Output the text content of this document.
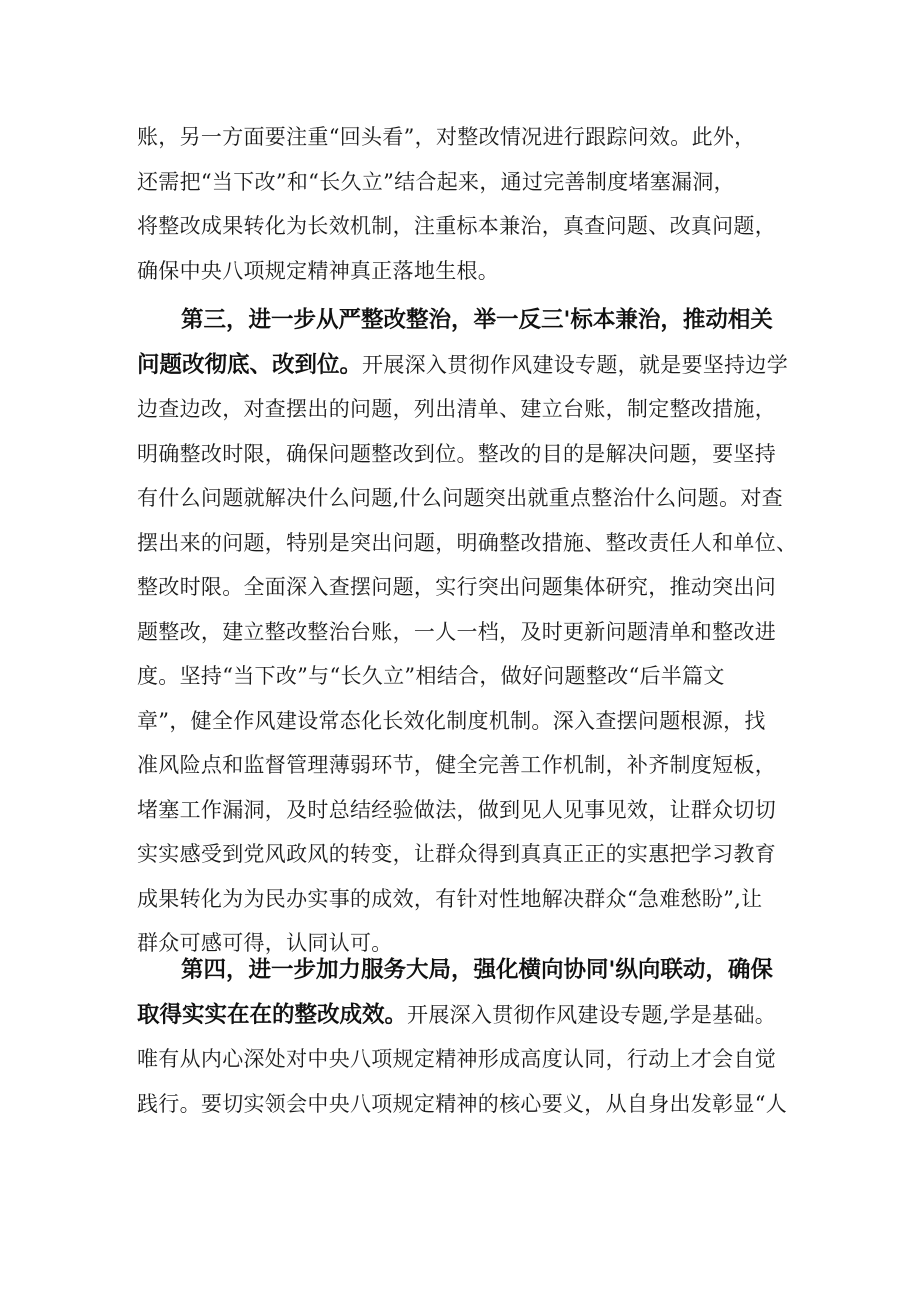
账，另一方面要注重“回头看”，对整改情况进行跟踪问效。此外，
还需把“当下改”和“长久立”结合起来，通过完善制度堵塞漏洞，
将整改成果转化为长效机制，注重标本兼治，真查问题、改真问题，
确保中央八项规定精神真正落地生根。
第三，进一步从严整改整治，举一反三'标本兼治，推动相关
问题改彻底、改到位。开展深入贯彻作风建设专题，就是要坚持边学
边查边改，对查摆出的问题，列出清单、建立台账，制定整改措施，
明确整改时限，确保问题整改到位。整改的目的是解决问题，要坚持
有什么问题就解决什么问题,什么问题突出就重点整治什么问题。对查
摆出来的问题，特别是突出问题，明确整改措施、整改责任人和单位、
整改时限。全面深入查摆问题，实行突出问题集体研究，推动突出问
题整改，建立整改整治台账，一人一档，及时更新问题清单和整改进
度。坚持“当下改”与“长久立”相结合，做好问题整改“后半篇文
章”，健全作风建设常态化长效化制度机制。深入查摆问题根源，找
准风险点和监督管理薄弱环节，健全完善工作机制，补齐制度短板，
堵塞工作漏洞，及时总结经验做法，做到见人见事见效，让群众切切
实实感受到党风政风的转变，让群众得到真真正正的实惠把学习教育
成果转化为为民办实事的成效，有针对性地解决群众“急难愁盼”,让
群众可感可得，认同认可。
第四，进一步加力服务大局，强化横向协同'纵向联动，确保
取得实实在在的整改成效。开展深入贯彻作风建设专题,学是基础。
唯有从内心深处对中央八项规定精神形成高度认同，行动上才会自觉
践行。要切实领会中央八项规定精神的核心要义，从自身出发彰显“人
